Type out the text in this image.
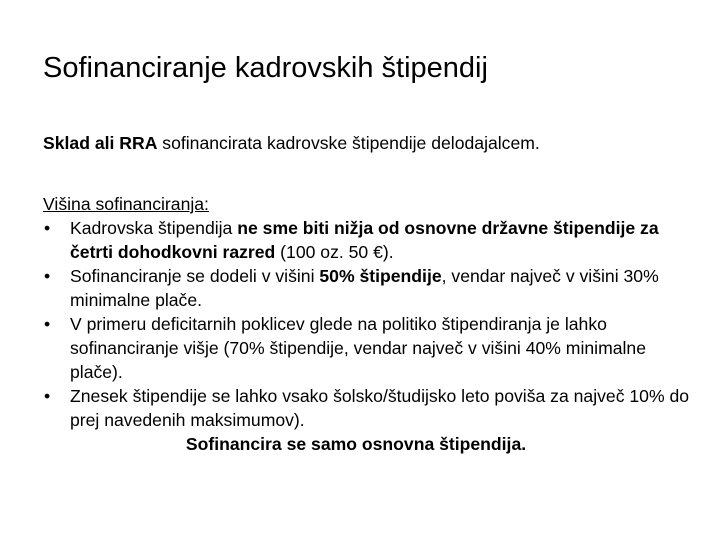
Sofinanciranje kadrovskih štipendij
Sklad ali RRA sofinancirata kadrovske štipendije delodajalcem.
Višina sofinanciranja:
• Kadrovska štipendija ne sme biti nižja od osnovne državne štipendije za četrti dohodkovni razred (100 oz. 50 €).
• Sofinanciranje se dodeli v višini 50% štipendije, vendar največ v višini 30% minimalne plače.
• V primeru deficitarnih poklicev glede na politiko štipendiranja je lahko sofinanciranje višje (70% štipendije, vendar največ v višini 40% minimalne plače).
• Znesek štipendije se lahko vsako šolsko/študijsko leto poviša za največ 10% do prej navedenih maksimumov).
Sofinancira se samo osnovna štipendija.
